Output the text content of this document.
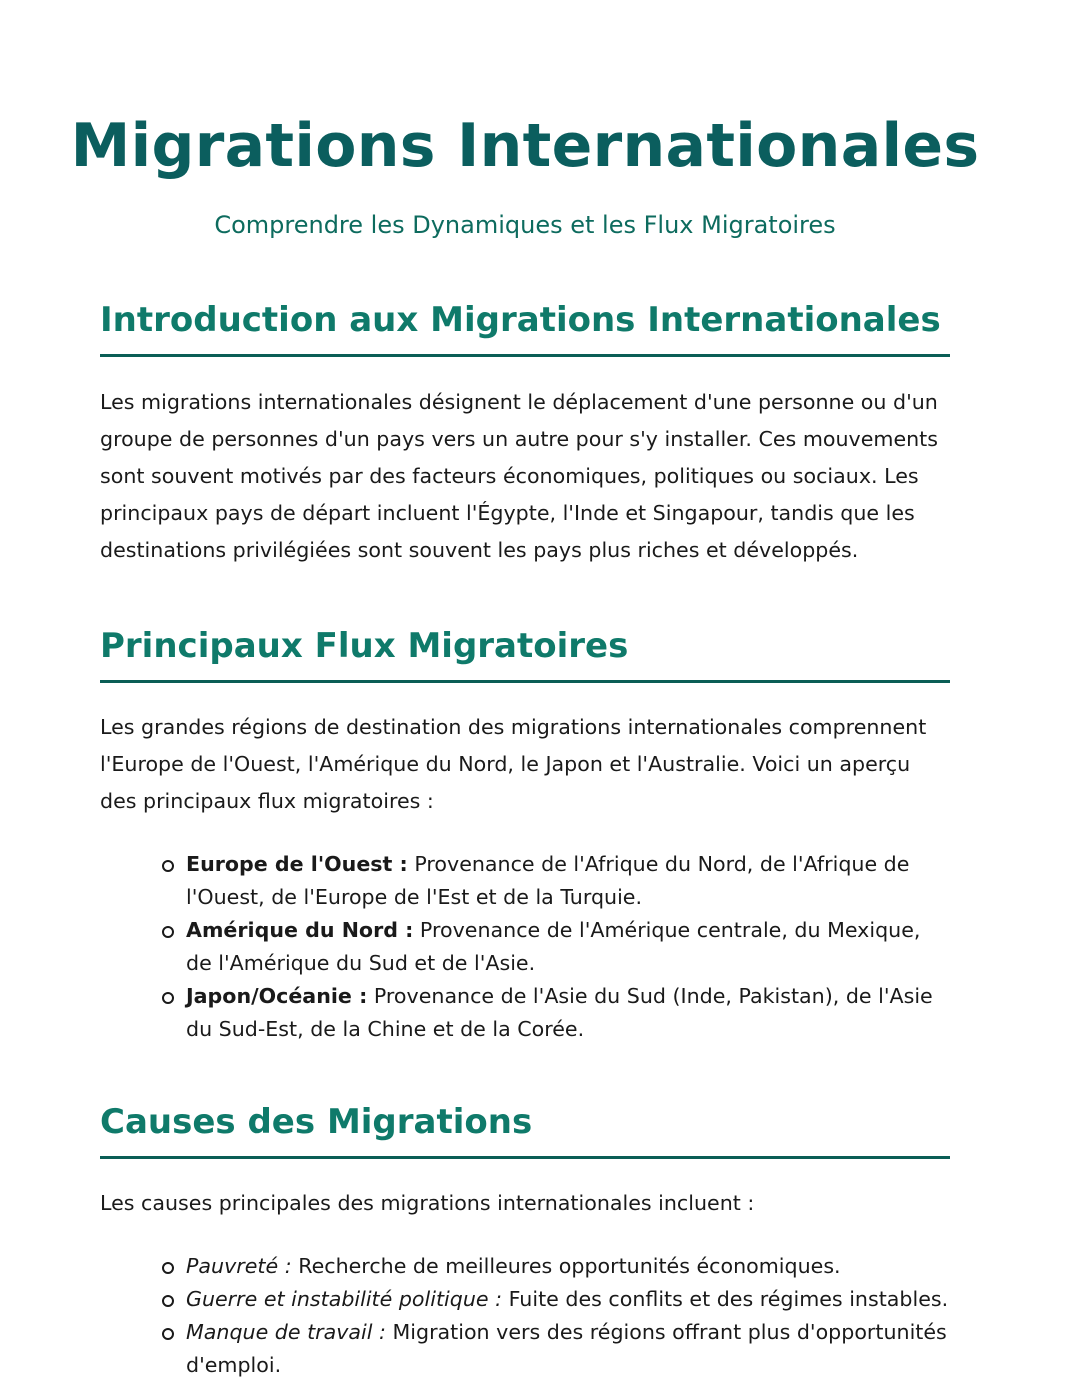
Migrations Internationales

Comprendre les Dynamiques et les Flux Migratoires

Introduction aux Migrations Internationales

Les migrations internationales désignent le déplacement d'une personne ou d'un groupe de personnes d'un pays vers un autre pour s'y installer. Ces mouvements sont souvent motivés par des facteurs économiques, politiques ou sociaux. Les principaux pays de départ incluent l'Égypte, l'Inde et Singapour, tandis que les destinations privilégiées sont souvent les pays plus riches et développés.

Principaux Flux Migratoires

Les grandes régions de destination des migrations internationales comprennent l'Europe de l'Ouest, l'Amérique du Nord, le Japon et l'Australie. Voici un aperçu des principaux flux migratoires :

Europe de l'Ouest : Provenance de l'Afrique du Nord, de l'Afrique de l'Ouest, de l'Europe de l'Est et de la Turquie.
Amérique du Nord : Provenance de l'Amérique centrale, du Mexique, de l'Amérique du Sud et de l'Asie.
Japon/Océanie : Provenance de l'Asie du Sud (Inde, Pakistan), de l'Asie du Sud-Est, de la Chine et de la Corée.
Causes des Migrations

Les causes principales des migrations internationales incluent :

Pauvreté : Recherche de meilleures opportunités économiques.
Guerre et instabilité politique : Fuite des conflits et des régimes instables.
Manque de travail : Migration vers des régions offrant plus d'opportunités d'emploi.
